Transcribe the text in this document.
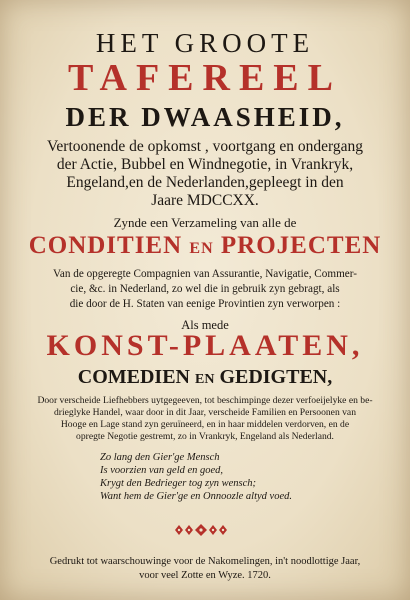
HET GROOTE
TAFEREEL
DER DWAASHEID,
Vertoonende de opkomst , voortgang en ondergang
der Actie, Bubbel en Windnegotie, in Vrankryk,
Engeland,en de Nederlanden,gepleegt in den
Jaare MDCCXX.
Zynde een Verzameling van alle de
CONDITIEN EN PROJECTEN
Van de opgeregte Compagnien van Assurantie, Navigatie, Commer-
cie, &c. in Nederland, zo wel die in gebruik zyn gebragt, als
die door de H. Staten van eenige Provintien zyn verworpen :
Als mede
KONST-PLAATEN,
COMEDIEN EN GEDIGTEN,
Door verscheide Liefhebbers uytgegeeven, tot beschimpinge dezer verfoeijelyke en be-
drieglyke Handel, waar door in dit Jaar, verscheide Familien en Persoonen van
Hooge en Lage stand zyn geruïneerd, en in haar middelen verdorven, en de
opregte Negotie gestremt, zo in Vrankryk, Engeland als Nederland.
Zo lang den Gier'ge Mensch
Is voorzien van geld en goed,
Krygt den Bedrieger tog zyn wensch;
Want hem de Gier'ge en Onnoozle altyd voed.
Gedrukt tot waarschouwinge voor de Nakomelingen, in't noodlottige Jaar,
voor veel Zotte en Wyze. 1720.
